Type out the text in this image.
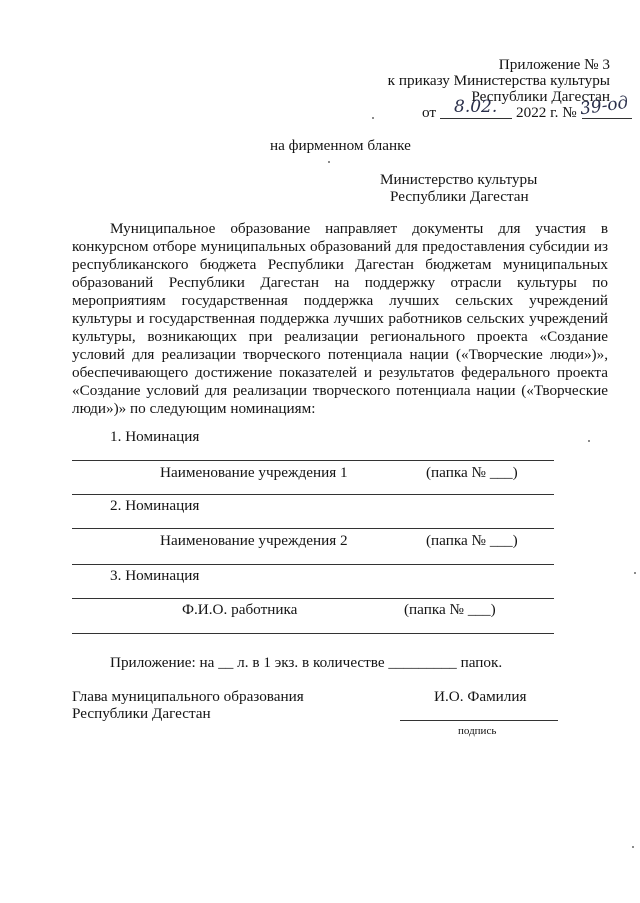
Приложение № 3
к приказу Министерства культуры
Республики Дагестан
от 8.02. 2022 г. № 39-од
на фирменном бланке
Министерство культуры
Республики Дагестан
Муниципальное образование направляет документы для участия в
конкурсном отборе муниципальных образований для предоставления субсидии из
республиканского бюджета Республики Дагестан бюджетам муниципальных
образований Республики Дагестан на поддержку отрасли культуры по
мероприятиям государственная поддержка лучших сельских учреждений
культуры и государственная поддержка лучших работников сельских учреждений
культуры, возникающих при реализации регионального проекта «Создание
условий для реализации творческого потенциала нации («Творческие люди»)»,
обеспечивающего достижение показателей и результатов федерального проекта
«Создание условий для реализации творческого потенциала нации («Творческие
люди»)» по следующим номинациям:
1. Номинация
Наименование учреждения 1	(папка № ___)
2. Номинация
Наименование учреждения 2	(папка № ___)
3. Номинация
Ф.И.О. работника	(папка № ___)
Приложение: на __ л. в 1 экз. в количестве _________ папок.
Глава муниципального образования
Республики Дагестан
И.О. Фамилия
подпись
